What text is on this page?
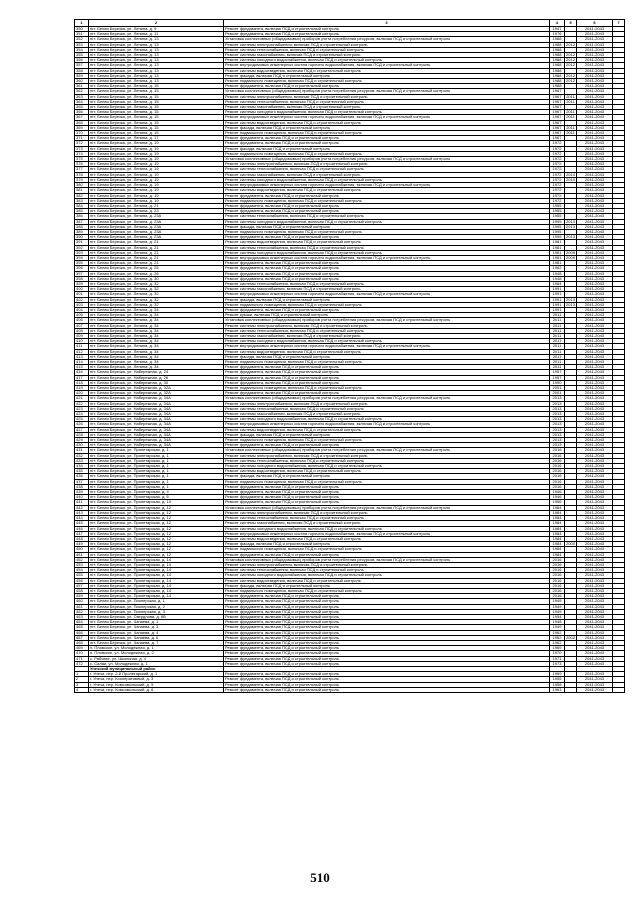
1	2	3	4	5	6	7
350	пгт. Белая Березка, ул. Ленина, д. 9	Ремонт фундамента, включая ПСД и строительный контроль	1947		2041-2043	
351	пгт. Белая Березка, ул. Ленина, д. 11	Ремонт фундамента, включая ПСД и строительный контроль	1976		2041-2043	
352	пгт. Белая Березка, ул. Ленина, д. 13	Установка коллективных (общедомовых) приборов учета потребления ресурсов, включая ПСД и строительный контроль	1988		2041-2043	
353	пгт. Белая Березка, ул. Ленина, д. 13	Ремонт системы электроснабжения, включая ПСД и строительный контроль	1988	2012	2041-2043	
354	пгт. Белая Березка, ул. Ленина, д. 13	Ремонт системы теплоснабжения, включая ПСД и строительный контроль	1988		2041-2043	
355	пгт. Белая Березка, ул. Ленина, д. 13	Ремонт системы газоснабжения, включая ПСД и строительный контроль	1988	2012	2041-2043	
356	пгт. Белая Березка, ул. Ленина, д. 13	Ремонт системы холодного водоснабжения, включая ПСД и строительный контроль	1988	2012	2041-2043	
357	пгт. Белая Березка, ул. Ленина, д. 13	Ремонт внутридомовых инженерных систем горячего водоснабжения, включая ПСД и строительный контроль	1988	2012	2041-2043	
358	пгт. Белая Березка, ул. Ленина, д. 13	Ремонт системы водоотведения, включая ПСД и строительный контроль	1988		2041-2043	
359	пгт. Белая Березка, ул. Ленина, д. 13	Ремонт фасада, включая ПСД и строительный контроль	1988	2012	2041-2043	
360	пгт. Белая Березка, ул. Ленина, д. 13	Ремонт подвального помещения, включая ПСД и строительный контроль	1988	2012	2041-2043	
361	пгт. Белая Березка, ул. Ленина, д. 15	Ремонт фундамента, включая ПСД и строительный контроль	1988		2041-2043	
362	пгт. Белая Березка, ул. Ленина, д. 15	Установка коллективных (общедомовых) приборов учета потребления ресурсов, включая ПСД и строительный контроль	1967		2041-2043	
363	пгт. Белая Березка, ул. Ленина, д. 15	Ремонт системы электроснабжения, включая ПСД и строительный контроль	1967	2011	2041-2043	
364	пгт. Белая Березка, ул. Ленина, д. 15	Ремонт системы теплоснабжения, включая ПСД и строительный контроль	1967	2011	2041-2043	
365	пгт. Белая Березка, ул. Ленина, д. 15	Ремонт системы газоснабжения, включая ПСД и строительный контроль	1967		2041-2043	
366	пгт. Белая Березка, ул. Ленина, д. 15	Ремонт системы холодного водоснабжения, включая ПСД и строительный контроль	1967	2011	2041-2043	
367	пгт. Белая Березка, ул. Ленина, д. 15	Ремонт внутридомовых инженерных систем горячего водоснабжения, включая ПСД и строительный контроль	1967	2011	2041-2043	
368	пгт. Белая Березка, ул. Ленина, д. 15	Ремонт системы водоотведения, включая ПСД и строительный контроль	1967		2041-2043	
369	пгт. Белая Березка, ул. Ленина, д. 15	Ремонт фасада, включая ПСД и строительный контроль	1967	2011	2041-2043	
370	пгт. Белая Березка, ул. Ленина, д. 15	Ремонт подвального помещения, включая ПСД и строительный контроль	1967	2011	2041-2043	
371	пгт. Белая Березка, ул. Ленина, д. 17	Ремонт фундамента, включая ПСД и строительный контроль	1967		2041-2043	
372	пгт. Белая Березка, ул. Ленина, д. 19	Ремонт фундамента, включая ПСД и строительный контроль	1972		2041-2043	
373	пгт. Белая Березка, ул. Ленина, д. 19	Ремонт фасада, включая ПСД и строительный контроль	1972		2041-2043	
374	пгт. Белая Березка, ул. Ленина, д. 19	Ремонт подвального помещения, включая ПСД и строительный контроль	1972		2041-2043	
375	пгт. Белая Березка, ул. Ленина, д. 19	Установка коллективных (общедомовых) приборов учета потребления ресурсов, включая ПСД и строительный контроль	1972		2041-2043	
376	пгт. Белая Березка, ул. Ленина, д. 19	Ремонт системы электроснабжения, включая ПСД и строительный контроль	1972		2041-2043	
377	пгт. Белая Березка, ул. Ленина, д. 19	Ремонт системы теплоснабжения, включая ПСД и строительный контроль	1972		2041-2043	
378	пгт. Белая Березка, ул. Ленина, д. 19	Ремонт системы газоснабжения, включая ПСД и строительный контроль	1972	2010	2041-2043	
379	пгт. Белая Березка, ул. Ленина, д. 19	Ремонт системы холодного водоснабжения, включая ПСД и строительный контроль	1972	2010	2041-2043	
380	пгт. Белая Березка, ул. Ленина, д. 19	Ремонт внутридомовых инженерных систем горячего водоснабжения, включая ПСД и строительный контроль	1972		2041-2043	
381	пгт. Белая Березка, ул. Ленина, д. 19	Ремонт системы водоотведения, включая ПСД и строительный контроль	1972		2041-2043	
382	пгт. Белая Березка, ул. Ленина, д. 19	Ремонт фундамента, включая ПСД и строительный контроль	1972		2041-2043	
383	пгт. Белая Березка, ул. Ленина, д. 19	Ремонт подвального помещения, включая ПСД и строительный контроль	1972		2041-2043	
384	пгт. Белая Березка, ул. Ленина, д. 21	Ремонт фундамента, включая ПСД и строительный контроль	1955		2041-2043	
385	пгт. Белая Березка, ул. Ленина, д. 23	Ремонт фундамента, включая ПСД и строительный контроль	1955		2041-2043	
386	пгт. Белая Березка, ул. Ленина, д. 23А	Ремонт системы теплоснабжения, включая ПСД и строительный контроль	1955		2041-2043	
387	пгт. Белая Березка, ул. Ленина, д. 23А	Ремонт системы холодного водоснабжения, включая ПСД и строительный контроль	1995	2013	2041-2043	
388	пгт. Белая Березка, ул. Ленина, д. 23А	Ремонт фасада, включая ПСД и строительный контроль	1995	2013	2041-2043	
389	пгт. Белая Березка, ул. Ленина, д. 23А	Ремонт подвального помещения, включая ПСД и строительный контроль	1995		2041-2043	
390	пгт. Белая Березка, ул. Ленина, д. 23А	Ремонт фундамента, включая ПСД и строительный контроль	1995	2013	2041-2043	
391	пгт. Белая Березка, ул. Ленина, д. 21	Ремонт системы водоотведения, включая ПСД и строительный контроль	1981		2041-2043	
392	пгт. Белая Березка, ул. Ленина, д. 21	Ремонт системы теплоснабжения, включая ПСД и строительный контроль	1981		2041-2043	
393	пгт. Белая Березка, ул. Ленина, д. 21	Ремонт системы холодного водоснабжения, включая ПСД и строительный контроль	1981	2009	2041-2043	
394	пгт. Белая Березка, ул. Ленина, д. 21	Ремонт внутридомовых инженерных систем горячего водоснабжения, включая ПСД и строительный контроль	1981	2009	2041-2043	
395	пгт. Белая Березка, ул. Ленина, д. 21	Ремонт фундамента, включая ПСД и строительный контроль	1981		2041-2043	
396	пгт. Белая Березка, ул. Ленина, д. 25	Ремонт фундамента, включая ПСД и строительный контроль	1962		2041-2043	
397	пгт. Белая Березка, ул. Ленина, д. 26	Ремонт фундамента, включая ПСД и строительный контроль	1948		2041-2043	
398	пгт. Белая Березка, ул. Ленина, д. 30	Ремонт фундамента, включая ПСД и строительный контроль	1948		2041-2043	
399	пгт. Белая Березка, ул. Ленина, д. 32	Ремонт системы теплоснабжения, включая ПСД и строительный контроль	1984		2041-2043	
400	пгт. Белая Березка, ул. Ленина, д. 32	Ремонт системы газоснабжения, включая ПСД и строительный контроль	1991		2041-2043	
401	пгт. Белая Березка, ул. Ленина, д. 32	Ремонт внутридомовых инженерных систем горячего водоснабжения, включая ПСД и строительный контроль	1991		2041-2043	
402	пгт. Белая Березка, ул. Ленина, д. 32	Ремонт фасада, включая ПСД и строительный контроль	1991	2013	2041-2043	
403	пгт. Белая Березка, ул. Ленина, д. 32	Ремонт подвального помещения, включая ПСД и строительный контроль	1991	2013	2041-2043	
404	пгт. Белая Березка, ул. Ленина, д. 34	Ремонт фундамента, включая ПСД и строительный контроль	1991		2041-2043	
405	пгт. Белая Березка, ул. Ленина, д. 34	Ремонт крыши, включая ПСД и строительный контроль	2011		2041-2043	
406	пгт. Белая Березка, ул. Ленина, д. 34	Установка коллективных (общедомовых) приборов учета потребления ресурсов, включая ПСД и строительный контроль	2011		2041-2043	
407	пгт. Белая Березка, ул. Ленина, д. 34	Ремонт системы электроснабжения, включая ПСД и строительный контроль	2011		2041-2043	
408	пгт. Белая Березка, ул. Ленина, д. 34	Ремонт системы теплоснабжения, включая ПСД и строительный контроль	2011		2041-2043	
409	пгт. Белая Березка, ул. Ленина, д. 34	Ремонт системы газоснабжения, включая ПСД и строительный контроль	2011		2041-2043	
410	пгт. Белая Березка, ул. Ленина, д. 34	Ремонт системы холодного водоснабжения, включая ПСД и строительный контроль	2011		2041-2043	
411	пгт. Белая Березка, ул. Ленина, д. 34	Ремонт внутридомовых инженерных систем горячего водоснабжения, включая ПСД и строительный контроль	2011		2041-2043	
412	пгт. Белая Березка, ул. Ленина, д. 34	Ремонт системы водоотведения, включая ПСД и строительный контроль	2011		2041-2043	
413	пгт. Белая Березка, ул. Ленина, д. 34	Ремонт фасада, включая ПСД и строительный контроль	2011		2041-2043	
414	пгт. Белая Березка, ул. Ленина, д. 34	Ремонт подвального помещения, включая ПСД и строительный контроль	2011		2041-2043	
415	пгт. Белая Березка, ул. Ленина, д. 34	Ремонт фундамента, включая ПСД и строительный контроль	2011		2041-2043	
416	пгт. Белая Березка, ул. Набережная, д. 24	Ремонт фундамента, включая ПСД и строительный контроль	1957		2041-2043	
417	пгт. Белая Березка, ул. Набережная, д. 26	Ремонт фундамента, включая ПСД и строительный контроль	1957		2041-2043	
418	пгт. Белая Березка, ул. Набережная, д. 30	Ремонт фундамента, включая ПСД и строительный контроль	1990		2041-2043	
419	пгт. Белая Березка, ул. Набережная, д. 32А	Ремонт подвального помещения, включая ПСД и строительный контроль	2001		2041-2043	
420	пгт. Белая Березка, ул. Набережная, д. 32А	Ремонт фундамента, включая ПСД и строительный контроль	2001		2041-2043	
421	пгт. Белая Березка, ул. Набережная, д. 34А	Установка коллективных (общедомовых) приборов учета потребления ресурсов, включая ПСД и строительный контроль	2013		2041-2043	
422	пгт. Белая Березка, ул. Набережная, д. 34А	Ремонт системы электроснабжения, включая ПСД и строительный контроль	2013		2041-2043	
423	пгт. Белая Березка, ул. Набережная, д. 34А	Ремонт системы теплоснабжения, включая ПСД и строительный контроль	2013		2041-2043	
424	пгт. Белая Березка, ул. Набережная, д. 34А	Ремонт системы газоснабжения, включая ПСД и строительный контроль	2013		2041-2043	
425	пгт. Белая Березка, ул. Набережная, д. 34А	Ремонт системы холодного водоснабжения, включая ПСД и строительный контроль	2013		2041-2043	
426	пгт. Белая Березка, ул. Набережная, д. 34А	Ремонт внутридомовых инженерных систем горячего водоснабжения, включая ПСД и строительный контроль	2013		2041-2043	
427	пгт. Белая Березка, ул. Набережная, д. 34А	Ремонт системы водоотведения, включая ПСД и строительный контроль	2013		2041-2043	
428	пгт. Белая Березка, ул. Набережная, д. 34А	Ремонт фасада, включая ПСД и строительный контроль	2013		2041-2043	
429	пгт. Белая Березка, ул. Набережная, д. 34А	Ремонт подвального помещения, включая ПСД и строительный контроль	2013		2041-2043	
430	пгт. Белая Березка, ул. Набережная, д. 34А	Ремонт фундамента, включая ПСД и строительный контроль	2013		2041-2043	
431	пгт. Белая Березка, ул. Пролетарская, д. 1	Установка коллективных (общедомовых) приборов учета потребления ресурсов, включая ПСД и строительный контроль	2016		2041-2043	
432	пгт. Белая Березка, ул. Пролетарская, д. 1	Ремонт системы электроснабжения, включая ПСД и строительный контроль	2016		2041-2043	
433	пгт. Белая Березка, ул. Пролетарская, д. 1	Ремонт системы теплоснабжения, включая ПСД и строительный контроль	2016		2041-2043	
434	пгт. Белая Березка, ул. Пролетарская, д. 1	Ремонт системы холодного водоснабжения, включая ПСД и строительный контроль	2016		2041-2043	
435	пгт. Белая Березка, ул. Пролетарская, д. 1	Ремонт системы водоотведения, включая ПСД и строительный контроль	2016		2041-2043	
436	пгт. Белая Березка, ул. Пролетарская, д. 1	Ремонт фасада, включая ПСД и строительный контроль	2016		2041-2043	
437	пгт. Белая Березка, ул. Пролетарская, д. 1	Ремонт подвального помещения, включая ПСД и строительный контроль	2016		2041-2043	
438	пгт. Белая Березка, ул. Пролетарская, д. 1	Ремонт фундамента, включая ПСД и строительный контроль	2016		2041-2043	
439	пгт. Белая Березка, ул. Пролетарская, д. 4	Ремонт фундамента, включая ПСД и строительный контроль	1946		2041-2043	
440	пгт. Белая Березка, ул. Пролетарская, д. 6	Ремонт фундамента, включая ПСД и строительный контроль	1946		2041-2043	
441	пгт. Белая Березка, ул. Пролетарская, д. 10	Ремонт фундамента, включая ПСД и строительный контроль	1956		2041-2043	
442	пгт. Белая Березка, ул. Пролетарская, д. 12	Установка коллективных (общедомовых) приборов учета потребления ресурсов, включая ПСД и строительный контроль	1984		2041-2043	
443	пгт. Белая Березка, ул. Пролетарская, д. 12	Ремонт системы электроснабжения, включая ПСД и строительный контроль	1984		2041-2043	
444	пгт. Белая Березка, ул. Пролетарская, д. 12	Ремонт системы теплоснабжения, включая ПСД и строительный контроль	1984		2041-2043	
445	пгт. Белая Березка, ул. Пролетарская, д. 12	Ремонт системы газоснабжения, включая ПСД и строительный контроль	1984		2041-2043	
446	пгт. Белая Березка, ул. Пролетарская, д. 12	Ремонт системы холодного водоснабжения, включая ПСД и строительный контроль	1984		2041-2043	
447	пгт. Белая Березка, ул. Пролетарская, д. 12	Ремонт внутридомовых инженерных систем горячего водоснабжения, включая ПСД и строительный контроль	1984		2041-2043	
448	пгт. Белая Березка, ул. Пролетарская, д. 12	Ремонт системы водоотведения, включая ПСД и строительный контроль	1984		2041-2043	
449	пгт. Белая Березка, ул. Пролетарская, д. 12	Ремонт фасада, включая ПСД и строительный контроль	1984	2000	2041-2043	
450	пгт. Белая Березка, ул. Пролетарская, д. 12	Ремонт подвального помещения, включая ПСД и строительный контроль	1984		2041-2043	
451	пгт. Белая Березка, ул. Пролетарская, д. 12	Ремонт фундамента, включая ПСД и строительный контроль	1984		2041-2043	
452	пгт. Белая Березка, ул. Пролетарская, д. 14	Установка коллективных (общедомовых) приборов учета потребления ресурсов, включая ПСД и строительный контроль	2016		2041-2043	
453	пгт. Белая Березка, ул. Пролетарская, д. 14	Ремонт системы электроснабжения, включая ПСД и строительный контроль	2016		2041-2043	
454	пгт. Белая Березка, ул. Пролетарская, д. 14	Ремонт системы теплоснабжения, включая ПСД и строительный контроль	2016		2041-2043	
455	пгт. Белая Березка, ул. Пролетарская, д. 14	Ремонт системы холодного водоснабжения, включая ПСД и строительный контроль	2016		2041-2043	
456	пгт. Белая Березка, ул. Пролетарская, д. 14	Ремонт системы водоотведения, включая ПСД и строительный контроль	2016		2041-2043	
457	пгт. Белая Березка, ул. Пролетарская, д. 14	Ремонт фасада, включая ПСД и строительный контроль	2016		2041-2043	
458	пгт. Белая Березка, ул. Пролетарская, д. 14	Ремонт подвального помещения, включая ПСД и строительный контроль	2016		2041-2043	
459	пгт. Белая Березка, ул. Пролетарская, д. 14	Ремонт фундамента, включая ПСД и строительный контроль	2016		2041-2043	
460	пгт. Белая Березка, ул. Пионерская, д. 1	Ремонт фундамента, включая ПСД и строительный контроль	1949		2041-2043	
461	пгт. Белая Березка, ул. Пионерская, д. 2	Ремонт фундамента, включая ПСД и строительный контроль	1949		2041-2043	
462	пгт. Белая Березка, ул. Пионерская, д. 3	Ремонт фундамента, включая ПСД и строительный контроль	1949		2041-2043	
463	пгт. Белая Березка, ул. Свердлова, д. 6В	Ремонт фундамента, включая ПСД и строительный контроль	1954		2041-2043	
464	пгт. Белая Березка, ул. Чапаева, д. 1	Ремонт фундамента, включая ПСД и строительный контроль	1948		2041-2043	
465	пгт. Белая Березка, ул. Чапаева, д. 3	Ремонт фундамента, включая ПСД и строительный контроль	1949		2041-2043	
466	пгт. Белая Березка, ул. Чапаева, д. 4	Ремонт фундамента, включая ПСД и строительный контроль	1962		2041-2043	
467	пгт. Белая Березка, ул. Чапаева, д. 6	Ремонт фундамента, включая ПСД и строительный контроль	1962	2002	2041-2043	
468	пгт. Белая Березка, ул. Чапаева, д. 7	Ремонт фундамента, включая ПСД и строительный контроль	1962		2041-2043	
469	п. Пловское, ул. Молодежная, д. 1	Ремонт фундамента, включая ПСД и строительный контроль	1969		2041-2043	
470	п. Пловское, ул. Молодежная, д. 2	Ремонт фундамента, включая ПСД и строительный контроль	1970		2041-2043	
471	с. Рябчеве, ул. Школьная, д. 4	Ремонт фундамента, включая ПСД и строительный контроль	1971		2041-2043	
472	с. Салаи, ул. Молодежная, д. 1	Ремонт фундамента, включая ПСД и строительный контроль	1973		2041-2043	
	Унечский муниципальный район					
1	г. Унеча, пер. 2-й Пролетарский, д. 1	Ремонт фундамента, включая ПСД и строительный контроль	1969		2041-2043	
2	г. Унеча, пер. Кооперативный, д. 3	Ремонт фундамента, включая ПСД и строительный контроль	1955		2041-2043	
3	г. Унеча, пер. Комсомольский, д. 5	Ремонт фундамента, включая ПСД и строительный контроль	1958		2041-2043	
4	г. Унеча, пер. Комсомольский, д. 6	Ремонт фундамента, включая ПСД и строительный контроль	1963		2041-2043	
510
